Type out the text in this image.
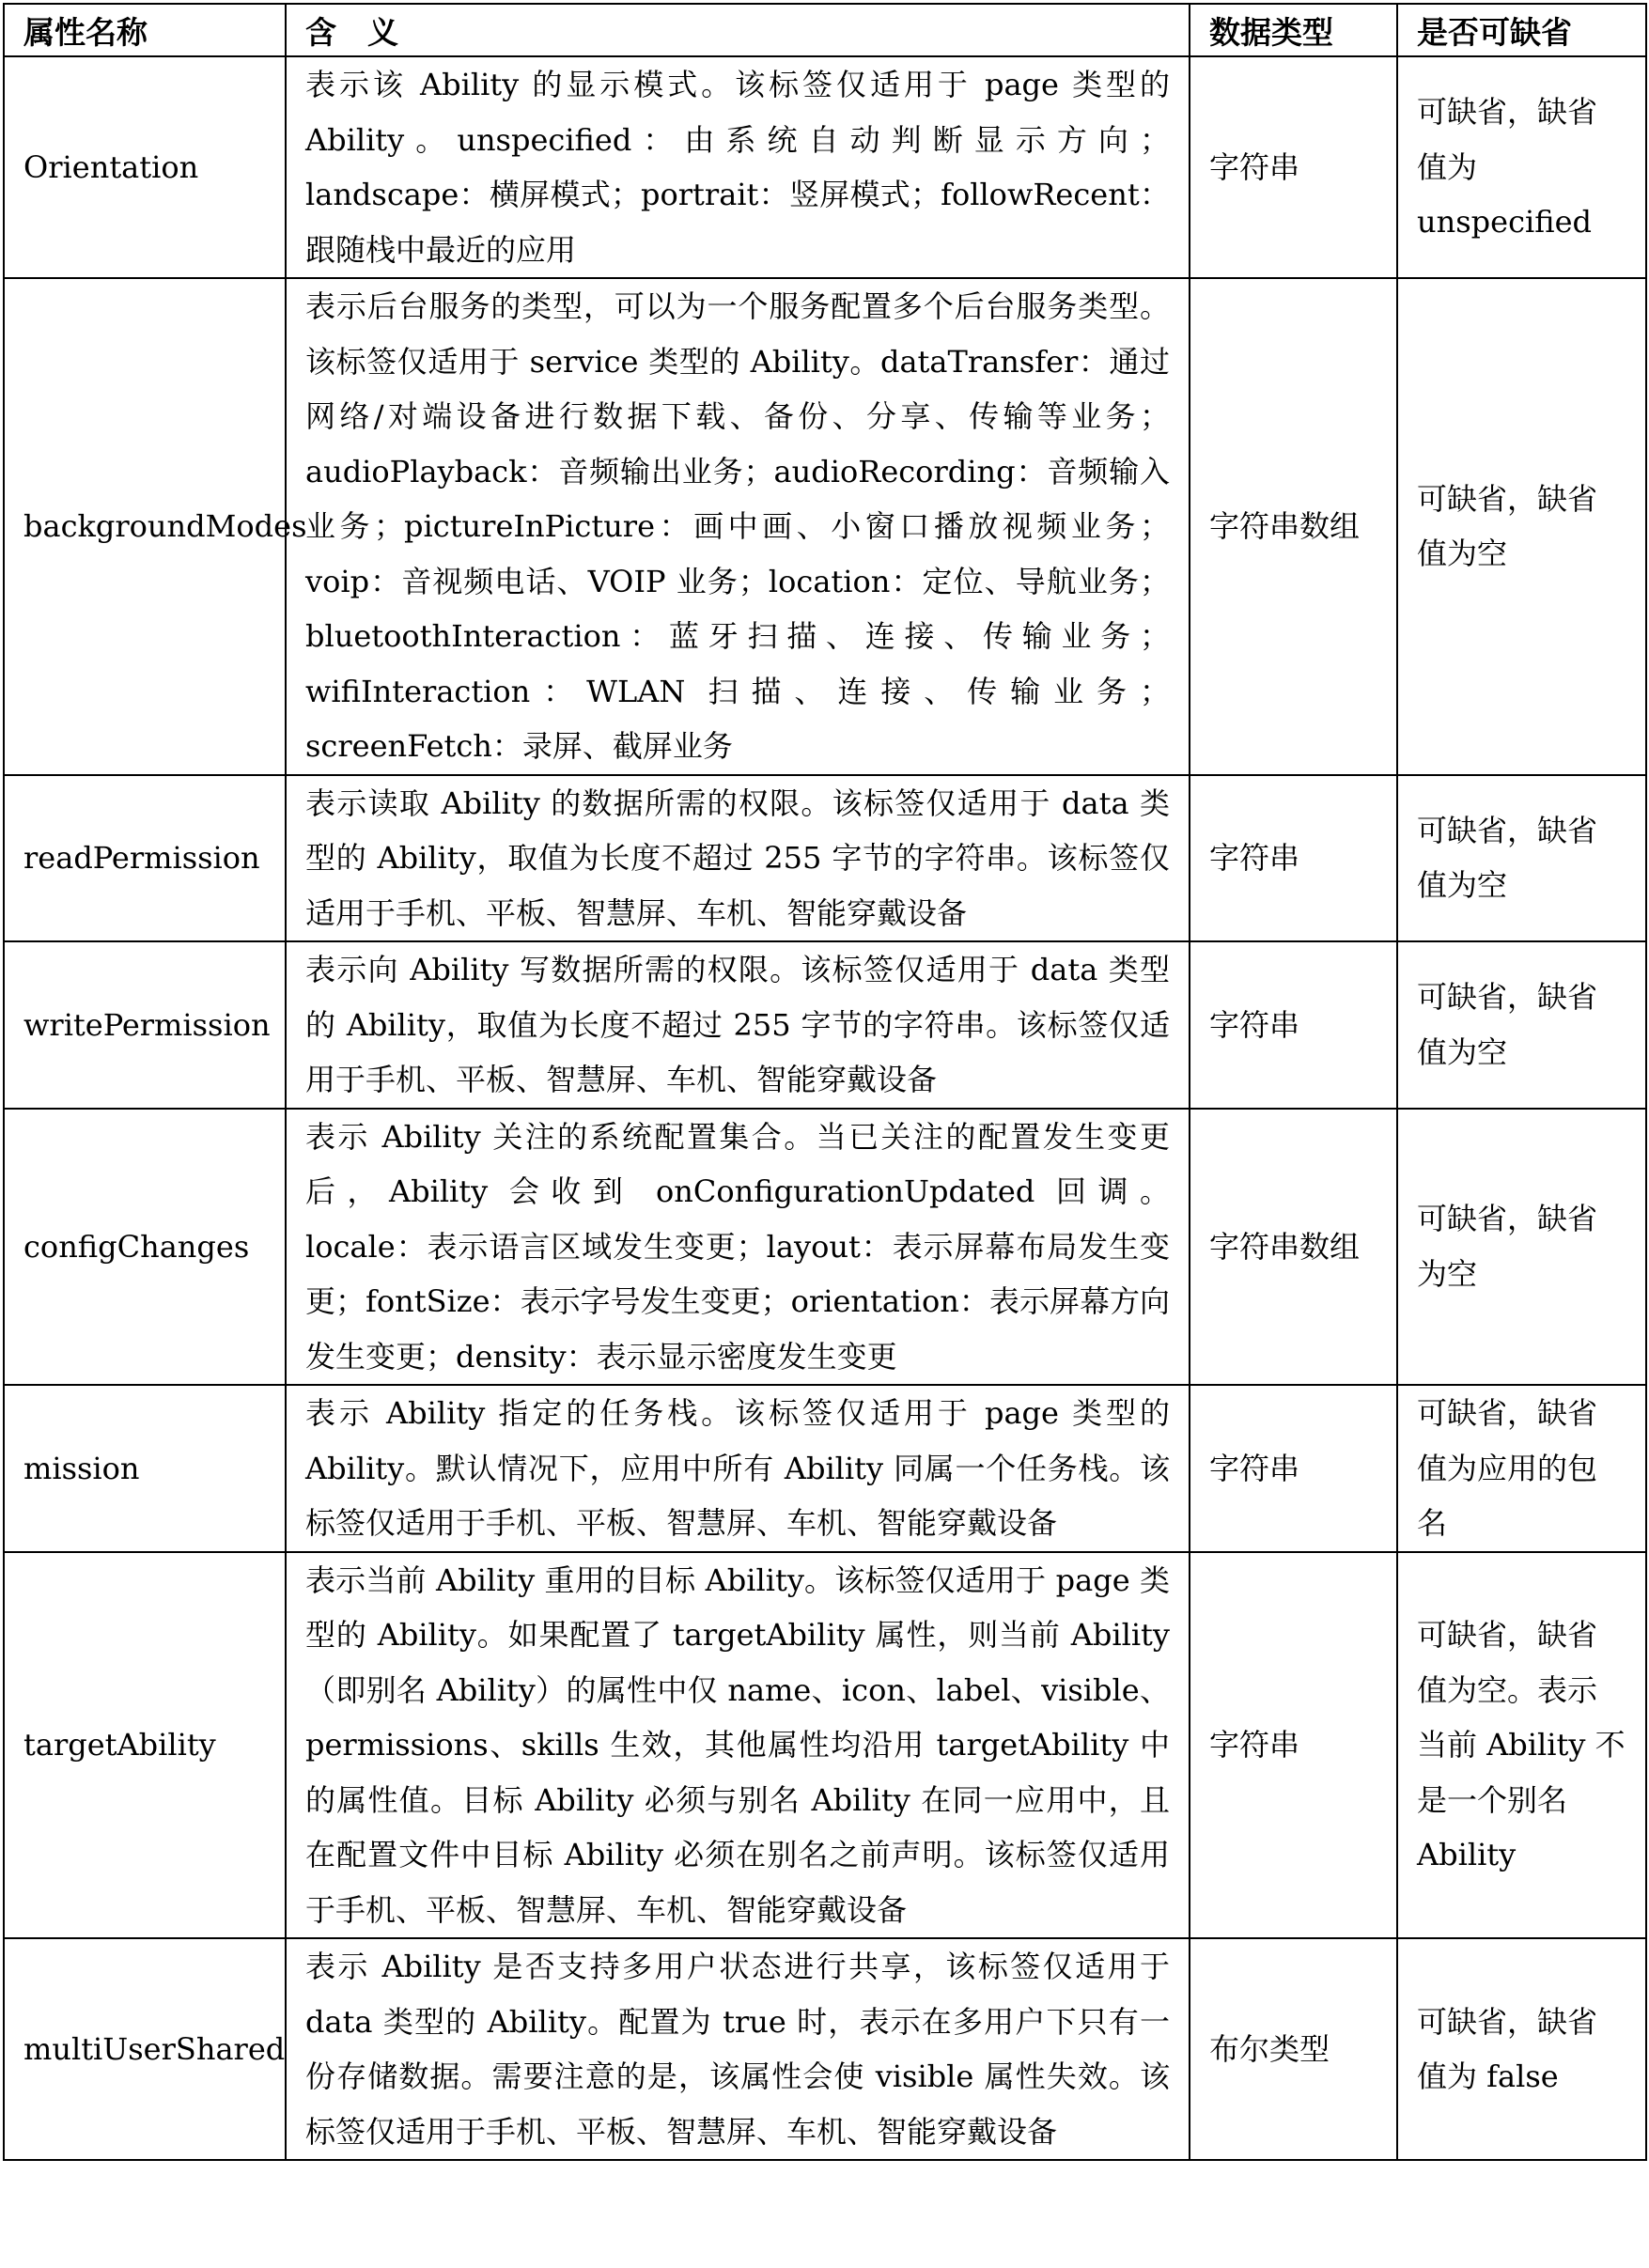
属性名称	含　义	数据类型	是否可缺省
Orientation	表示该 Ability 的显示模式。该标签仅适用于 page 类型的 Ability。unspecified：由系统自动判断显示方向；landscape：横屏模式；portrait：竖屏模式；followRecent：跟随栈中最近的应用	字符串	可缺省，缺省值为unspecified
backgroundModes	表示后台服务的类型，可以为一个服务配置多个后台服务类型。该标签仅适用于 service 类型的 Ability。dataTransfer：通过网络/对端设备进行数据下载、备份、分享、传输等业务；audioPlayback：音频输出业务；audioRecording：音频输入业务；pictureInPicture：画中画、小窗口播放视频业务；voip：音视频电话、VOIP 业务；location：定位、导航业务；bluetoothInteraction：蓝牙扫描、连接、传输业务；wifiInteraction：WLAN 扫描、连接、传输业务；screenFetch：录屏、截屏业务	字符串数组	可缺省，缺省值为空
readPermission	表示读取 Ability 的数据所需的权限。该标签仅适用于 data 类型的 Ability，取值为长度不超过 255 字节的字符串。该标签仅适用于手机、平板、智慧屏、车机、智能穿戴设备	字符串	可缺省，缺省值为空
writePermission	表示向 Ability 写数据所需的权限。该标签仅适用于 data 类型的 Ability，取值为长度不超过 255 字节的字符串。该标签仅适用于手机、平板、智慧屏、车机、智能穿戴设备	字符串	可缺省，缺省值为空
configChanges	表示 Ability 关注的系统配置集合。当已关注的配置发生变更后，Ability 会收到 onConfigurationUpdated 回调。locale：表示语言区域发生变更；layout：表示屏幕布局发生变更；fontSize：表示字号发生变更；orientation：表示屏幕方向发生变更；density：表示显示密度发生变更	字符串数组	可缺省，缺省为空
mission	表示 Ability 指定的任务栈。该标签仅适用于 page 类型的 Ability。默认情况下，应用中所有 Ability 同属一个任务栈。该标签仅适用于手机、平板、智慧屏、车机、智能穿戴设备	字符串	可缺省，缺省值为应用的包名
targetAbility	表示当前 Ability 重用的目标 Ability。该标签仅适用于 page 类型的 Ability。如果配置了 targetAbility 属性，则当前 Ability（即别名 Ability）的属性中仅 name、icon、label、visible、permissions、skills 生效，其他属性均沿用 targetAbility 中的属性值。目标 Ability 必须与别名 Ability 在同一应用中，且在配置文件中目标 Ability 必须在别名之前声明。该标签仅适用于手机、平板、智慧屏、车机、智能穿戴设备	字符串	可缺省，缺省值为空。表示当前 Ability 不是一个别名 Ability
multiUserShared	表示 Ability 是否支持多用户状态进行共享，该标签仅适用于 data 类型的 Ability。配置为 true 时，表示在多用户下只有一份存储数据。需要注意的是，该属性会使 visible 属性失效。该标签仅适用于手机、平板、智慧屏、车机、智能穿戴设备	布尔类型	可缺省，缺省值为 false
